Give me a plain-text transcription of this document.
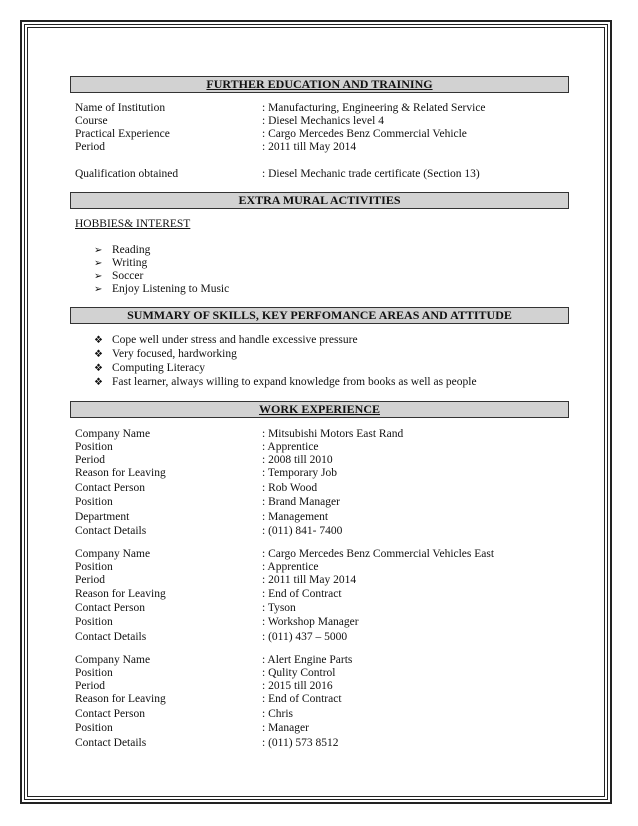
FURTHER EDUCATION AND TRAINING
Name of Institution	: Manufacturing, Engineering & Related Service
Course	: Diesel Mechanics level 4
Practical Experience	: Cargo Mercedes Benz Commercial Vehicle
Period	: 2011 till May 2014
Qualification obtained	: Diesel Mechanic trade certificate (Section 13)
EXTRA MURAL ACTIVITIES
HOBBIES& INTEREST
➢ Reading
➢ Writing
➢ Soccer
➢ Enjoy Listening to Music
SUMMARY OF SKILLS, KEY PERFOMANCE AREAS AND ATTITUDE
❖ Cope well under stress and handle excessive pressure
❖ Very focused, hardworking
❖ Computing Literacy
❖ Fast learner, always willing to expand knowledge from books as well as people
WORK EXPERIENCE
Company Name	: Mitsubishi Motors East Rand
Position	: Apprentice
Period	: 2008 till 2010
Reason for Leaving	: Temporary Job
Contact Person	: Rob Wood
Position	: Brand Manager
Department	: Management
Contact Details	: (011) 841- 7400
Company Name	: Cargo Mercedes Benz Commercial Vehicles East
Position	: Apprentice
Period	: 2011 till May 2014
Reason for Leaving	: End of Contract
Contact Person	: Tyson
Position	: Workshop Manager
Contact Details	: (011) 437 – 5000
Company Name	: Alert Engine Parts
Position	: Qulity Control
Period	: 2015 till 2016
Reason for Leaving	: End of Contract
Contact Person	: Chris
Position	: Manager
Contact Details	: (011) 573 8512
